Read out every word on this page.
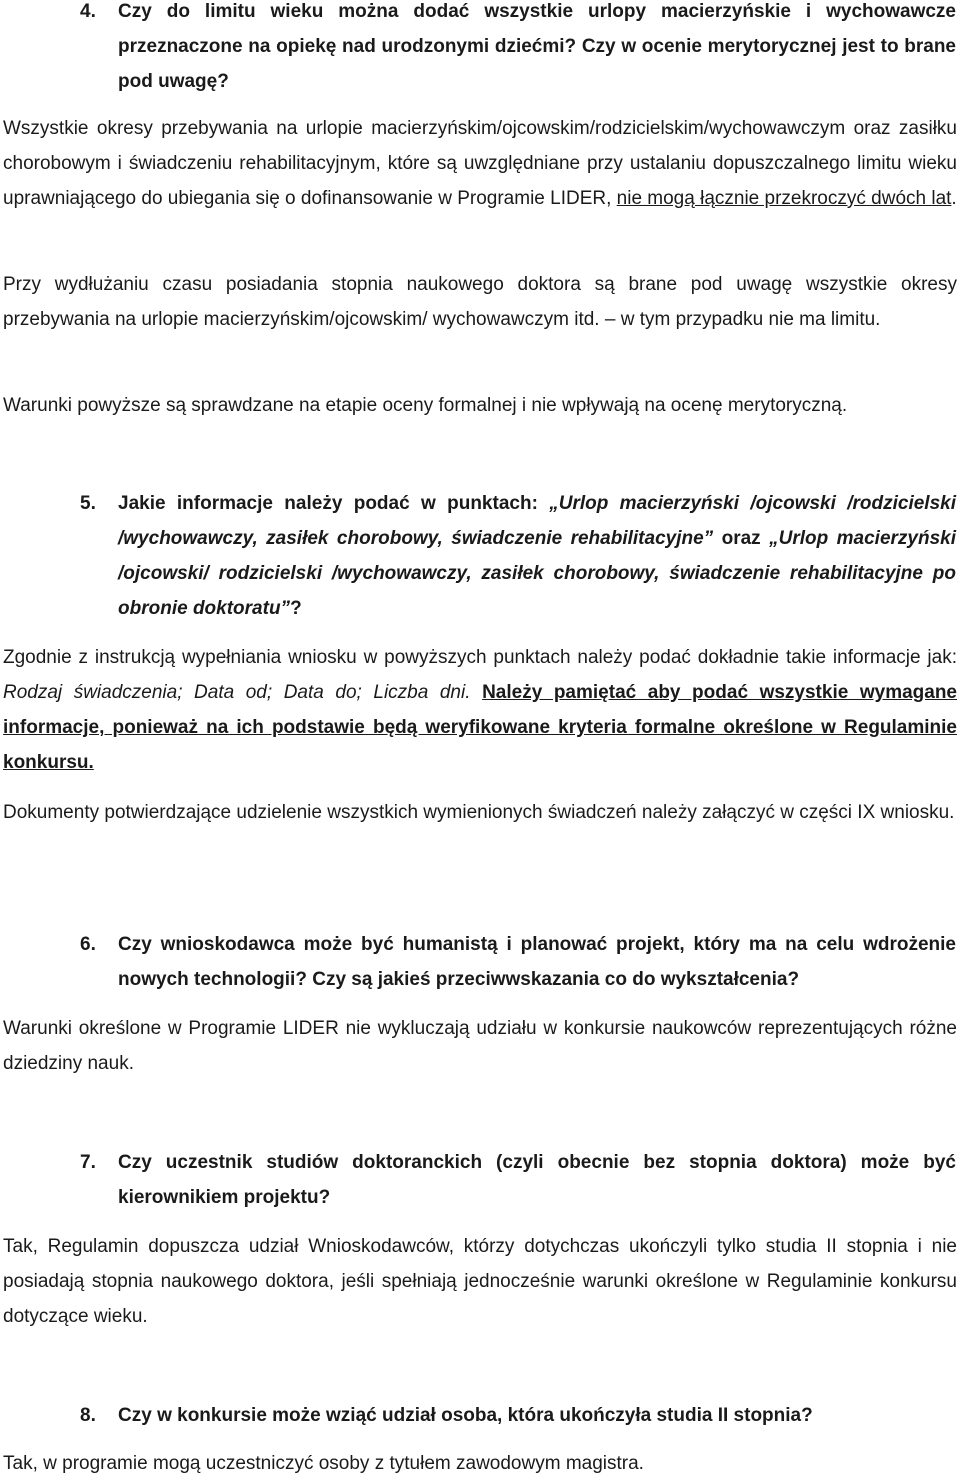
4.	Czy do limitu wieku można dodać wszystkie urlopy macierzyńskie i wychowawcze przeznaczone na opiekę nad urodzonymi dziećmi? Czy w ocenie merytorycznej jest to brane pod uwagę?
Wszystkie okresy przebywania na urlopie macierzyńskim/ojcowskim/rodzicielskim/wychowawczym oraz zasiłku chorobowym i świadczeniu rehabilitacyjnym, które są uwzględniane przy ustalaniu dopuszczalnego limitu wieku uprawniającego do ubiegania się o dofinansowanie w Programie LIDER, nie mogą łącznie przekroczyć dwóch lat.
Przy wydłużaniu czasu posiadania stopnia naukowego doktora są brane pod uwagę wszystkie okresy przebywania na urlopie macierzyńskim/ojcowskim/ wychowawczym itd. – w tym przypadku nie ma limitu.
Warunki powyższe są sprawdzane na etapie oceny formalnej i nie wpływają na ocenę merytoryczną.
5.	Jakie informacje należy podać w punktach: „Urlop macierzyński /ojcowski /rodzicielski /wychowawczy, zasiłek chorobowy, świadczenie rehabilitacyjne” oraz „Urlop macierzyński /ojcowski/ rodzicielski /wychowawczy, zasiłek chorobowy, świadczenie rehabilitacyjne po obronie doktoratu”?
Zgodnie z instrukcją wypełniania wniosku w powyższych punktach należy podać dokładnie takie informacje jak: Rodzaj świadczenia; Data od; Data do; Liczba dni. Należy pamiętać aby podać wszystkie wymagane informacje, ponieważ na ich podstawie będą weryfikowane kryteria formalne określone w Regulaminie konkursu.
Dokumenty potwierdzające udzielenie wszystkich wymienionych świadczeń należy załączyć w części IX wniosku.
6.	Czy wnioskodawca może być humanistą i planować projekt, który ma na celu wdrożenie nowych technologii? Czy są jakieś przeciwwskazania co do wykształcenia?
Warunki określone w Programie LIDER nie wykluczają udziału w konkursie naukowców reprezentujących różne dziedziny nauk.
7.	Czy uczestnik studiów doktoranckich (czyli obecnie bez stopnia doktora) może być kierownikiem projektu?
Tak, Regulamin dopuszcza udział Wnioskodawców, którzy dotychczas ukończyli tylko studia II stopnia i nie posiadają stopnia naukowego doktora, jeśli spełniają jednocześnie warunki określone w Regulaminie konkursu dotyczące wieku.
8.	Czy w konkursie może wziąć udział osoba, która ukończyła studia II stopnia?
Tak, w programie mogą uczestniczyć osoby z tytułem zawodowym magistra.
